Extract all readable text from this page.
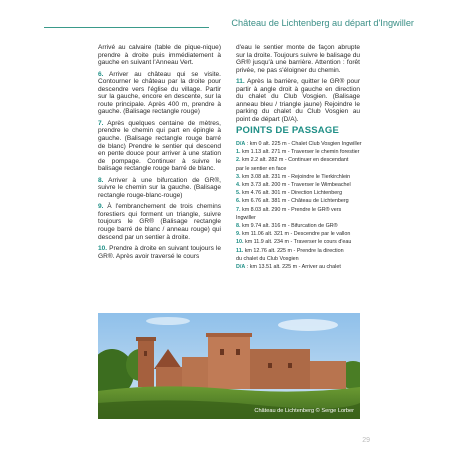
Château de Lichtenberg au départ d'Ingwiller

Arrivé au calvaire (table de pique-nique) prendre à droite puis immédiatement à gauche en suivant l'Anneau Vert.

6. Arriver au château qui se visite. Contourner le château par la droite pour descendre vers l'église du village. Partir sur la gauche, encore en descente, sur la route principale. Après 400 m, prendre à gauche. (Balisage rectangle rouge)

7. Après quelques centaine de mètres, prendre le chemin qui part en épingle à gauche. (Balisage rectangle rouge barré de blanc) Prendre le sentier qui descend en pente douce pour arriver à une station de pompage. Continuer à suivre le balisage rectangle rouge barré de blanc.

8. Arriver à une bifurcation de GR®, suivre le chemin sur la gauche. (Balisage rectangle rouge-blanc-rouge)

9. À l'embranchement de trois chemins forestiers qui forment un triangle, suivre toujours le GR® (Balisage rectangle rouge barré de blanc / anneau rouge) qui descend par un sentier à droite.

10. Prendre à droite en suivant toujours le GR®. Après avoir traversé le cours

d'eau le sentier monte de façon abrupte sur la droite. Toujours suivre le balisage du GR® jusqu'à une barrière. Attention : forêt privée, ne pas s'éloigner du chemin.

11. Après la barrière, quitter le GR® pour partir à angle droit à gauche en direction du chalet du Club Vosgien. (Balisage anneau bleu / triangle jaune) Rejoindre le parking du chalet du Club Vosgien au point de départ (D/A).

POINTS DE PASSAGE
D/A : km 0 alt. 225 m - Chalet Club Vosgien Ingwiller
1. km 1.13 alt. 271 m - Traverser le chemin forestier
2. km 2.2 alt. 282 m - Continuer en descendant
par le sentier en face
3. km 3.08 alt. 231 m - Rejoindre le Tierkirchlein
4. km 3.73 alt. 200 m - Traverser le Wimbeachel
5. km 4.76 alt. 301 m - Direction Lichtenberg
6. km 6.76 alt. 381 m - Château de Lichtenberg
7. km 8.03 alt. 290 m - Prendre le GR® vers
Ingwiller
8. km 9.74 alt. 316 m - Bifurcation de GR®
9. km 11.06 alt. 321 m - Descendre par le vallon
10. km 11.9 alt. 234 m - Traverser le cours d'eau
11. km 12.76 alt. 225 m - Prendre la direction
du chalet du Club Vosgien
D/A : km 13.51 alt. 225 m - Arriver au chalet
Château de Lichtenberg © Serge Lorber
29
